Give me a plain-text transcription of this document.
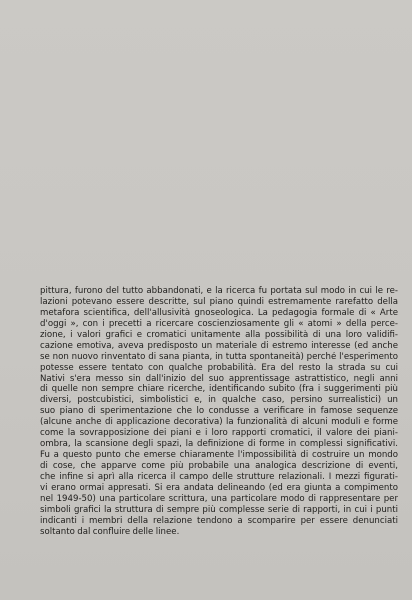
pittura, furono del tutto abbandonati, e la ricerca fu portata sul modo in cui le re-
lazioni potevano essere descritte, sul piano quindi estremamente rarefatto della
metafora scientifica, dell'allusività gnoseologica. La pedagogia formale di « Arte
d'oggi », con i precetti a ricercare coscienziosamente gli « atomi » della perce-
zione, i valori grafici e cromatici unitamente alla possibilità di una loro validifi-
cazione emotiva, aveva predisposto un materiale di estremo interesse (ed anche
se non nuovo rinventato di sana pianta, in tutta spontaneità) perché l'esperimento
potesse essere tentato con qualche probabilità. Era del resto la strada su cui
Nativi s'era messo sin dall'inizio del suo apprentissage astrattistico, negli anni
di quelle non sempre chiare ricerche, identificando subito (fra i suggerimenti più
diversi, postcubistici, simbolistici e, in qualche caso, persino surrealistici) un
suo piano di sperimentazione che lo condusse a verificare in famose sequenze
(alcune anche di applicazione decorativa) la funzionalità di alcuni moduli e forme
come la sovrapposizione dei piani e i loro rapporti cromatici, il valore dei piani-
ombra, la scansione degli spazi, la definizione di forme in complessi significativi.
Fu a questo punto che emerse chiaramente l'impossibilità di costruire un mondo
di cose, che apparve come più probabile una analogica descrizione di eventi,
che infine si aprì alla ricerca il campo delle strutture relazionali. I mezzi figurati-
vi erano ormai appresati. Si era andata delineando (ed era giunta a compimento
nel 1949-50) una particolare scrittura, una particolare modo di rappresentare per
simboli grafici la struttura di sempre più complesse serie di rapporti, in cui i punti
indicanti i membri della relazione tendono a scomparire per essere denunciati
soltanto dal confluire delle linee.
